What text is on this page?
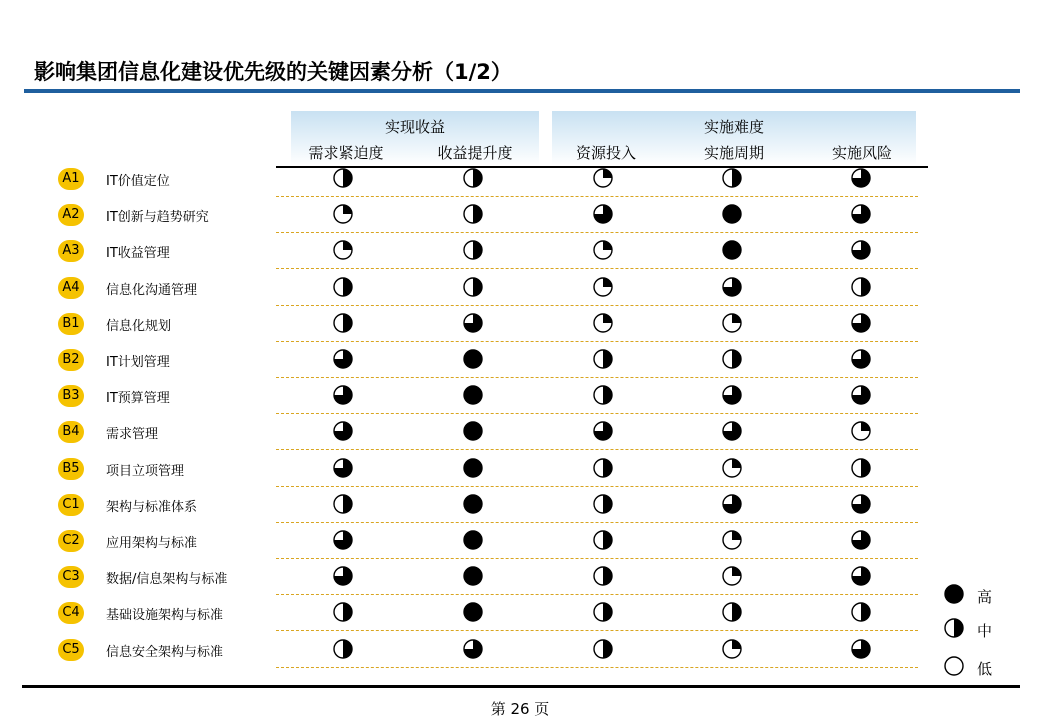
影响集团信息化建设优先级的关键因素分析（1/2）
实现收益	实施难度
需求紧迫度	收益提升度	资源投入	实施周期	实施风险
A1	IT价值定位
A2	IT创新与趋势研究
A3	IT收益管理
A4	信息化沟通管理
B1	信息化规划
B2	IT计划管理
B3	IT预算管理
B4	需求管理
B5	项目立项管理
C1	架构与标准体系
C2	应用架构与标准
C3	数据/信息架构与标准
C4	基础设施架构与标准
C5	信息安全架构与标准
高
中
低
第 26 页
